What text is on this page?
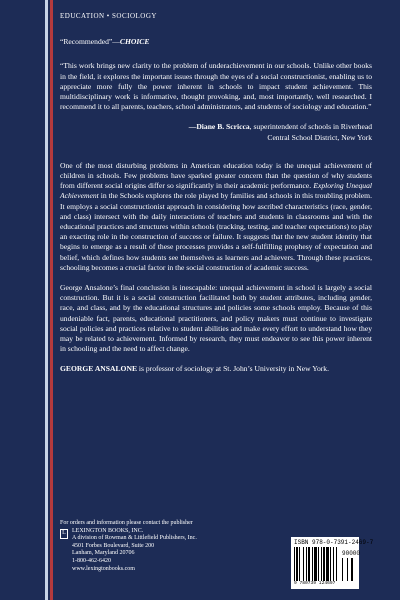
EDUCATION • SOCIOLOGY
“Recommended”—CHOICE

“This work brings new clarity to the problem of underachievement in our schools. Unlike other books in the field, it explores the important issues through the eyes of a social constructionist, enabling us to appreciate more fully the power inherent in schools to impact student achievement. This multidisciplinary work is informative, thought provoking, and, most importantly, well researched. I recommend it to all parents, teachers, school administrators, and students of sociology and education.”

—Diane B. Scricca, superintendent of schools in Riverhead
Central School District, New York

One of the most disturbing problems in American education today is the unequal achievement of children in schools. Few problems have sparked greater concern than the question of why students from different social origins differ so significantly in their academic performance. Exploring Unequal Achievement in the Schools explores the role played by families and schools in this troubling problem. It employs a social constructionist approach in considering how ascribed characteristics (race, gender, and class) intersect with the daily interactions of teachers and students in classrooms and with the educational practices and structures within schools (tracking, testing, and teacher expectations) to play an exacting role in the construction of success or failure. It suggests that the new student identity that begins to emerge as a result of these processes provides a self-fulfilling prophesy of expectation and belief, which defines how students see themselves as learners and achievers. Through these practices, schooling becomes a crucial factor in the social construction of academic success.

George Ansalone’s final conclusion is inescapable: unequal achievement in school is largely a social construction. But it is a social construction facilitated both by student attributes, including gender, race, and class, and by the educational structures and policies some schools employ. Because of this undeniable fact, parents, educational practitioners, and policy makers must continue to investigate social policies and practices relative to student abilities and make every effort to understand how they may be related to achievement. Informed by research, they must endeavor to see this power inherent in schooling and the need to affect change.

GEORGE ANSALONE is professor of sociology at St. John’s University in New York.

For orders and information please contact the publisher
L	LEXINGTON BOOKS, INC.
A division of Rowman & Littlefield Publishers, Inc.
4501 Forbes Boulevard, Suite 200
Lanham, Maryland 20706
1-800-462-6420
www.lexingtonbooks.com
ISBN 978-0-7391-2469-7
90000
9 780739 124697
